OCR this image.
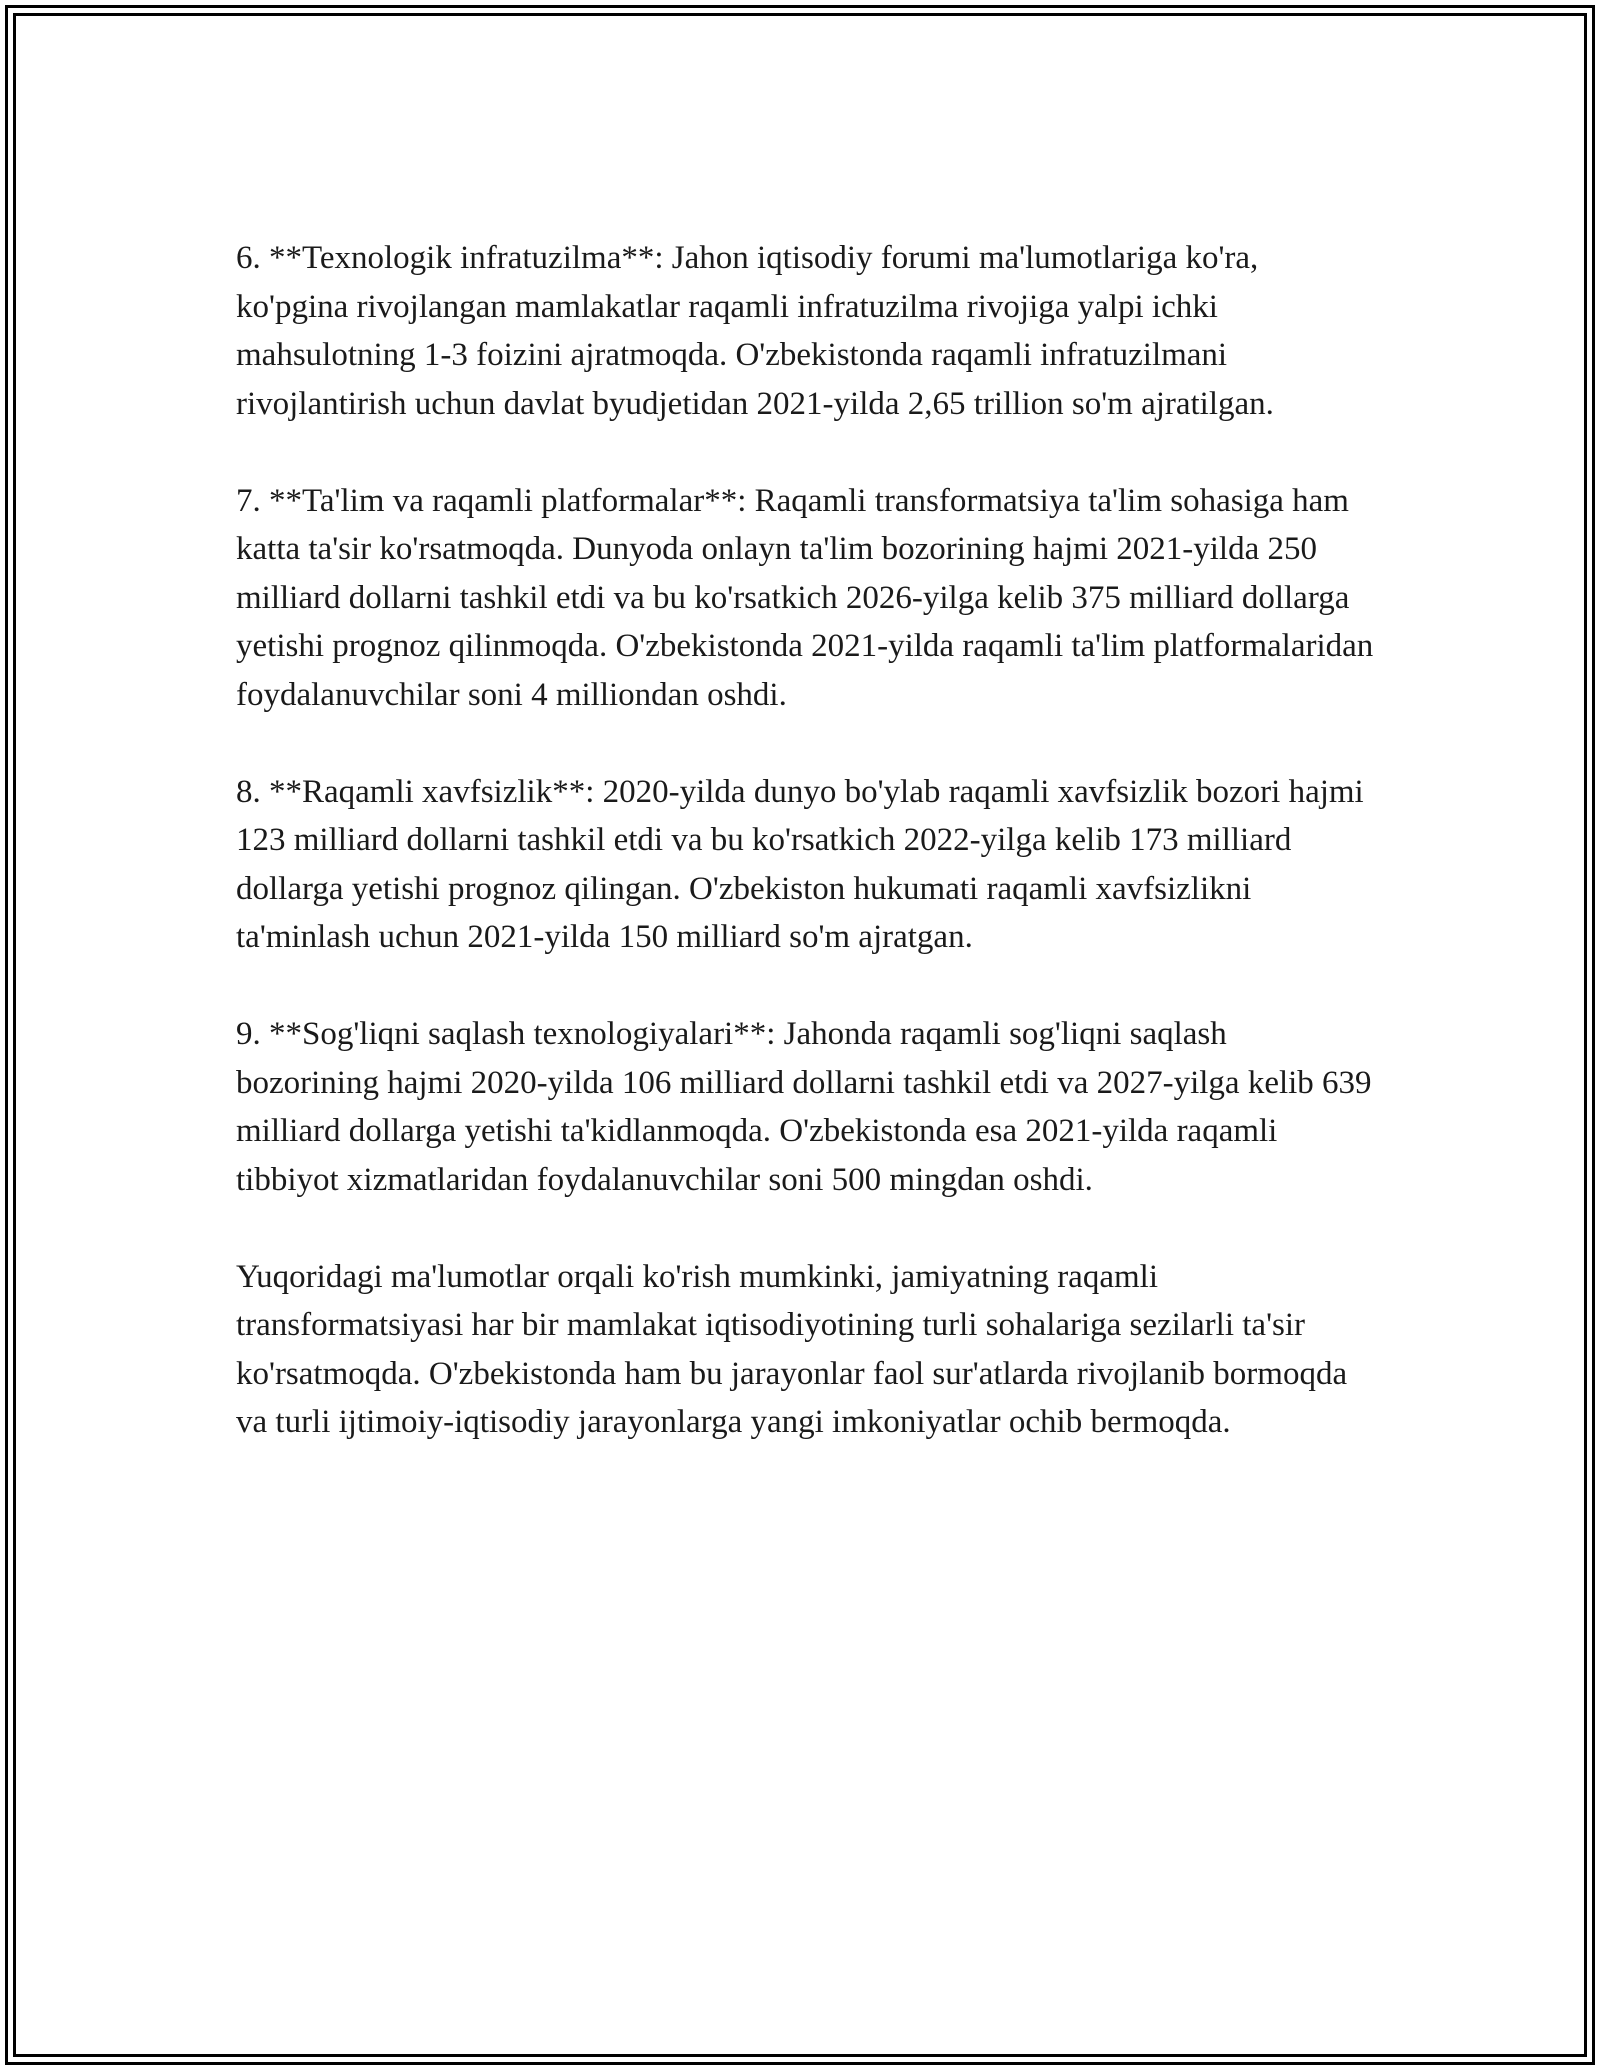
6. **Texnologik infratuzilma**: Jahon iqtisodiy forumi ma'lumotlariga ko'ra, ko'pgina rivojlangan mamlakatlar raqamli infratuzilma rivojiga yalpi ichki mahsulotning 1-3 foizini ajratmoqda. O'zbekistonda raqamli infratuzilmani rivojlantirish uchun davlat byudjetidan 2021-yilda 2,65 trillion so'm ajratilgan.

7. **Ta'lim va raqamli platformalar**: Raqamli transformatsiya ta'lim sohasiga ham katta ta'sir ko'rsatmoqda. Dunyoda onlayn ta'lim bozorining hajmi 2021-yilda 250 milliard dollarni tashkil etdi va bu ko'rsatkich 2026-yilga kelib 375 milliard dollarga yetishi prognoz qilinmoqda. O'zbekistonda 2021-yilda raqamli ta'lim platformalaridan foydalanuvchilar soni 4 milliondan oshdi.

8. **Raqamli xavfsizlik**: 2020-yilda dunyo bo'ylab raqamli xavfsizlik bozori hajmi 123 milliard dollarni tashkil etdi va bu ko'rsatkich 2022-yilga kelib 173 milliard dollarga yetishi prognoz qilingan. O'zbekiston hukumati raqamli xavfsizlikni ta'minlash uchun 2021-yilda 150 milliard so'm ajratgan.

9. **Sog'liqni saqlash texnologiyalari**: Jahonda raqamli sog'liqni saqlash bozorining hajmi 2020-yilda 106 milliard dollarni tashkil etdi va 2027-yilga kelib 639 milliard dollarga yetishi ta'kidlanmoqda. O'zbekistonda esa 2021-yilda raqamli tibbiyot xizmatlaridan foydalanuvchilar soni 500 mingdan oshdi.

Yuqoridagi ma'lumotlar orqali ko'rish mumkinki, jamiyatning raqamli transformatsiyasi har bir mamlakat iqtisodiyotining turli sohalariga sezilarli ta'sir ko'rsatmoqda. O'zbekistonda ham bu jarayonlar faol sur'atlarda rivojlanib bormoqda va turli ijtimoiy-iqtisodiy jarayonlarga yangi imkoniyatlar ochib bermoqda.
